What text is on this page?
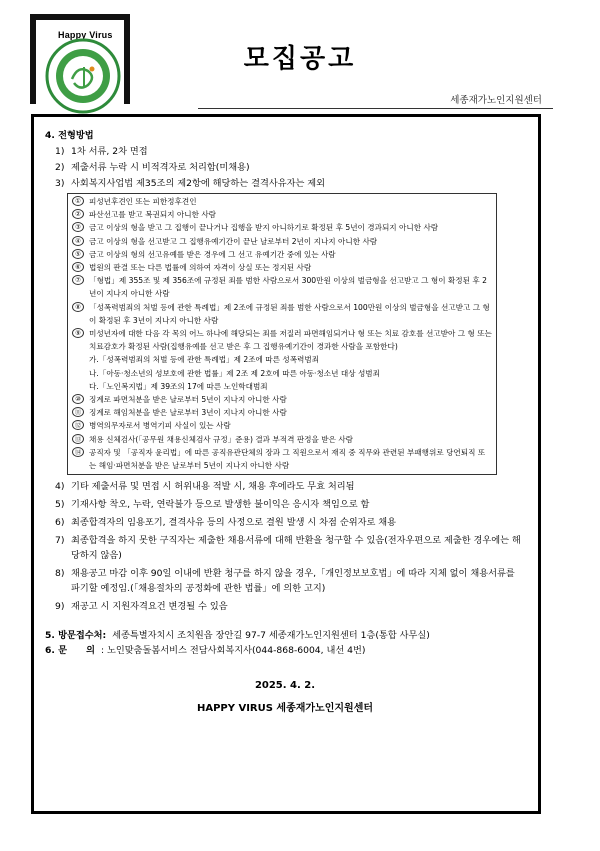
Happy Virus
모집공고
세종재가노인지원센터
4. 전형방법
1) 1차 서류, 2차 면접
2) 제출서류 누락 시 비적격자로 처리함(미채용)
3) 사회복지사업법 제35조의 제2항에 해당하는 결격사유자는 제외
①	피성년후견인 또는 피한정후견인
②	파산선고를 받고 복권되지 아니한 사람
③	금고 이상의 형을 받고 그 집행이 끝나거나 집행을 받지 아니하기로 확정된 후 5년이 경과되지 아니한 사람
④	금고 이상의 형을 선고받고 그 집행유예기간이 끝난 날로부터 2년이 지나지 아니한 사람
⑤	금고 이상의 형의 선고유예를 받은 경우에 그 선고 유예기간 중에 있는 사람
⑥	법원의 판결 또는 다른 법률에 의하여 자격이 상실 또는 정지된 사람
⑦	「형법」제 355조 및 제 356조에 규정된 죄를 범한 사람으로서 300만원 이상의 벌금형을 선고받고 그 형이 확정된 후 2년이 지나지 아니한 사람
⑧	「성폭력범죄의 처벌 등에 관한 특례법」제 2조에 규정된 죄를 범한 사람으로서 100만원 이상의 벌금형을 선고받고 그 형이 확정된 후 3년이 지나지 아니한 사람
⑨	미성년자에 대한 다음 각 목의 어느 하나에 해당되는 죄를 저질러 파면해임되거나 형 또는 치료 감호를 선고받아 그 형 또는 치료감호가 확정된 사람(집행유예를 선고 받은 후 그 집행유예기간이 경과한 사람을 포함한다)
가.「성폭력범죄의 처벌 등에 관한 특례법」제 2조에 따른 성폭력범죄
나.「아동·청소년의 성보호에 관한 법률」제 2조 제 2호에 따른 아동·청소년 대상 성범죄
다.「노인복지법」제 39조의 17에 따른 노인학대범죄
⑩	징계로 파면처분을 받은 날로부터 5년이 지나지 아니한 사람
⑪	징계로 해임처분을 받은 날로부터 3년이 지나지 아니한 사람
⑫	병역의무자로서 병역기피 사실이 있는 사람
⑬	채용 신체검사(「공무원 채용신체검사 규정」준용) 결과 부적격 판정을 받은 사람
⑭	공직자 및 「공직자 윤리법」에 따른 공직유관단체의 장과 그 직원으로서 재직 중 직무와 관련된 부패행위로 당연퇴직 또는 해임·파면처분을 받은 날로부터 5년이 지나지 아니한 사람
4) 기타 제출서류 및 면접 시 허위내용 적발 시, 채용 후에라도 무효 처리됨
5) 기재사항 착오, 누락, 연락불가 등으로 발생한 불이익은 응시자 책임으로 함
6) 최종합격자의 임용포기, 결격사유 등의 사정으로 결원 발생 시 차점 순위자로 채용
7) 최종합격을 하지 못한 구직자는 제출한 채용서류에 대해 반환을 청구할 수 있음(전자우편으로 제출한 경우에는 해당하지 않음)
8) 채용공고 마감 이후 90일 이내에 반환 청구를 하지 않을 경우,「개인정보보호법」에 따라 지체 없이 채용서류를 파기할 예정임.(「채용절차의 공정화에 관한 법률」에 의한 고지)
9) 재공고 시 지원자격요건 변경될 수 있음
5. 방문접수처: 세종특별자치시 조치원읍 장안길 97-7 세종재가노인지원센터 1층(통합 사무실)
6. 문      의 : 노인맞춤돌봄서비스 전담사회복지사(044-868-6004, 내선 4번)
2025. 4. 2.
HAPPY VIRUS 세종재가노인지원센터
